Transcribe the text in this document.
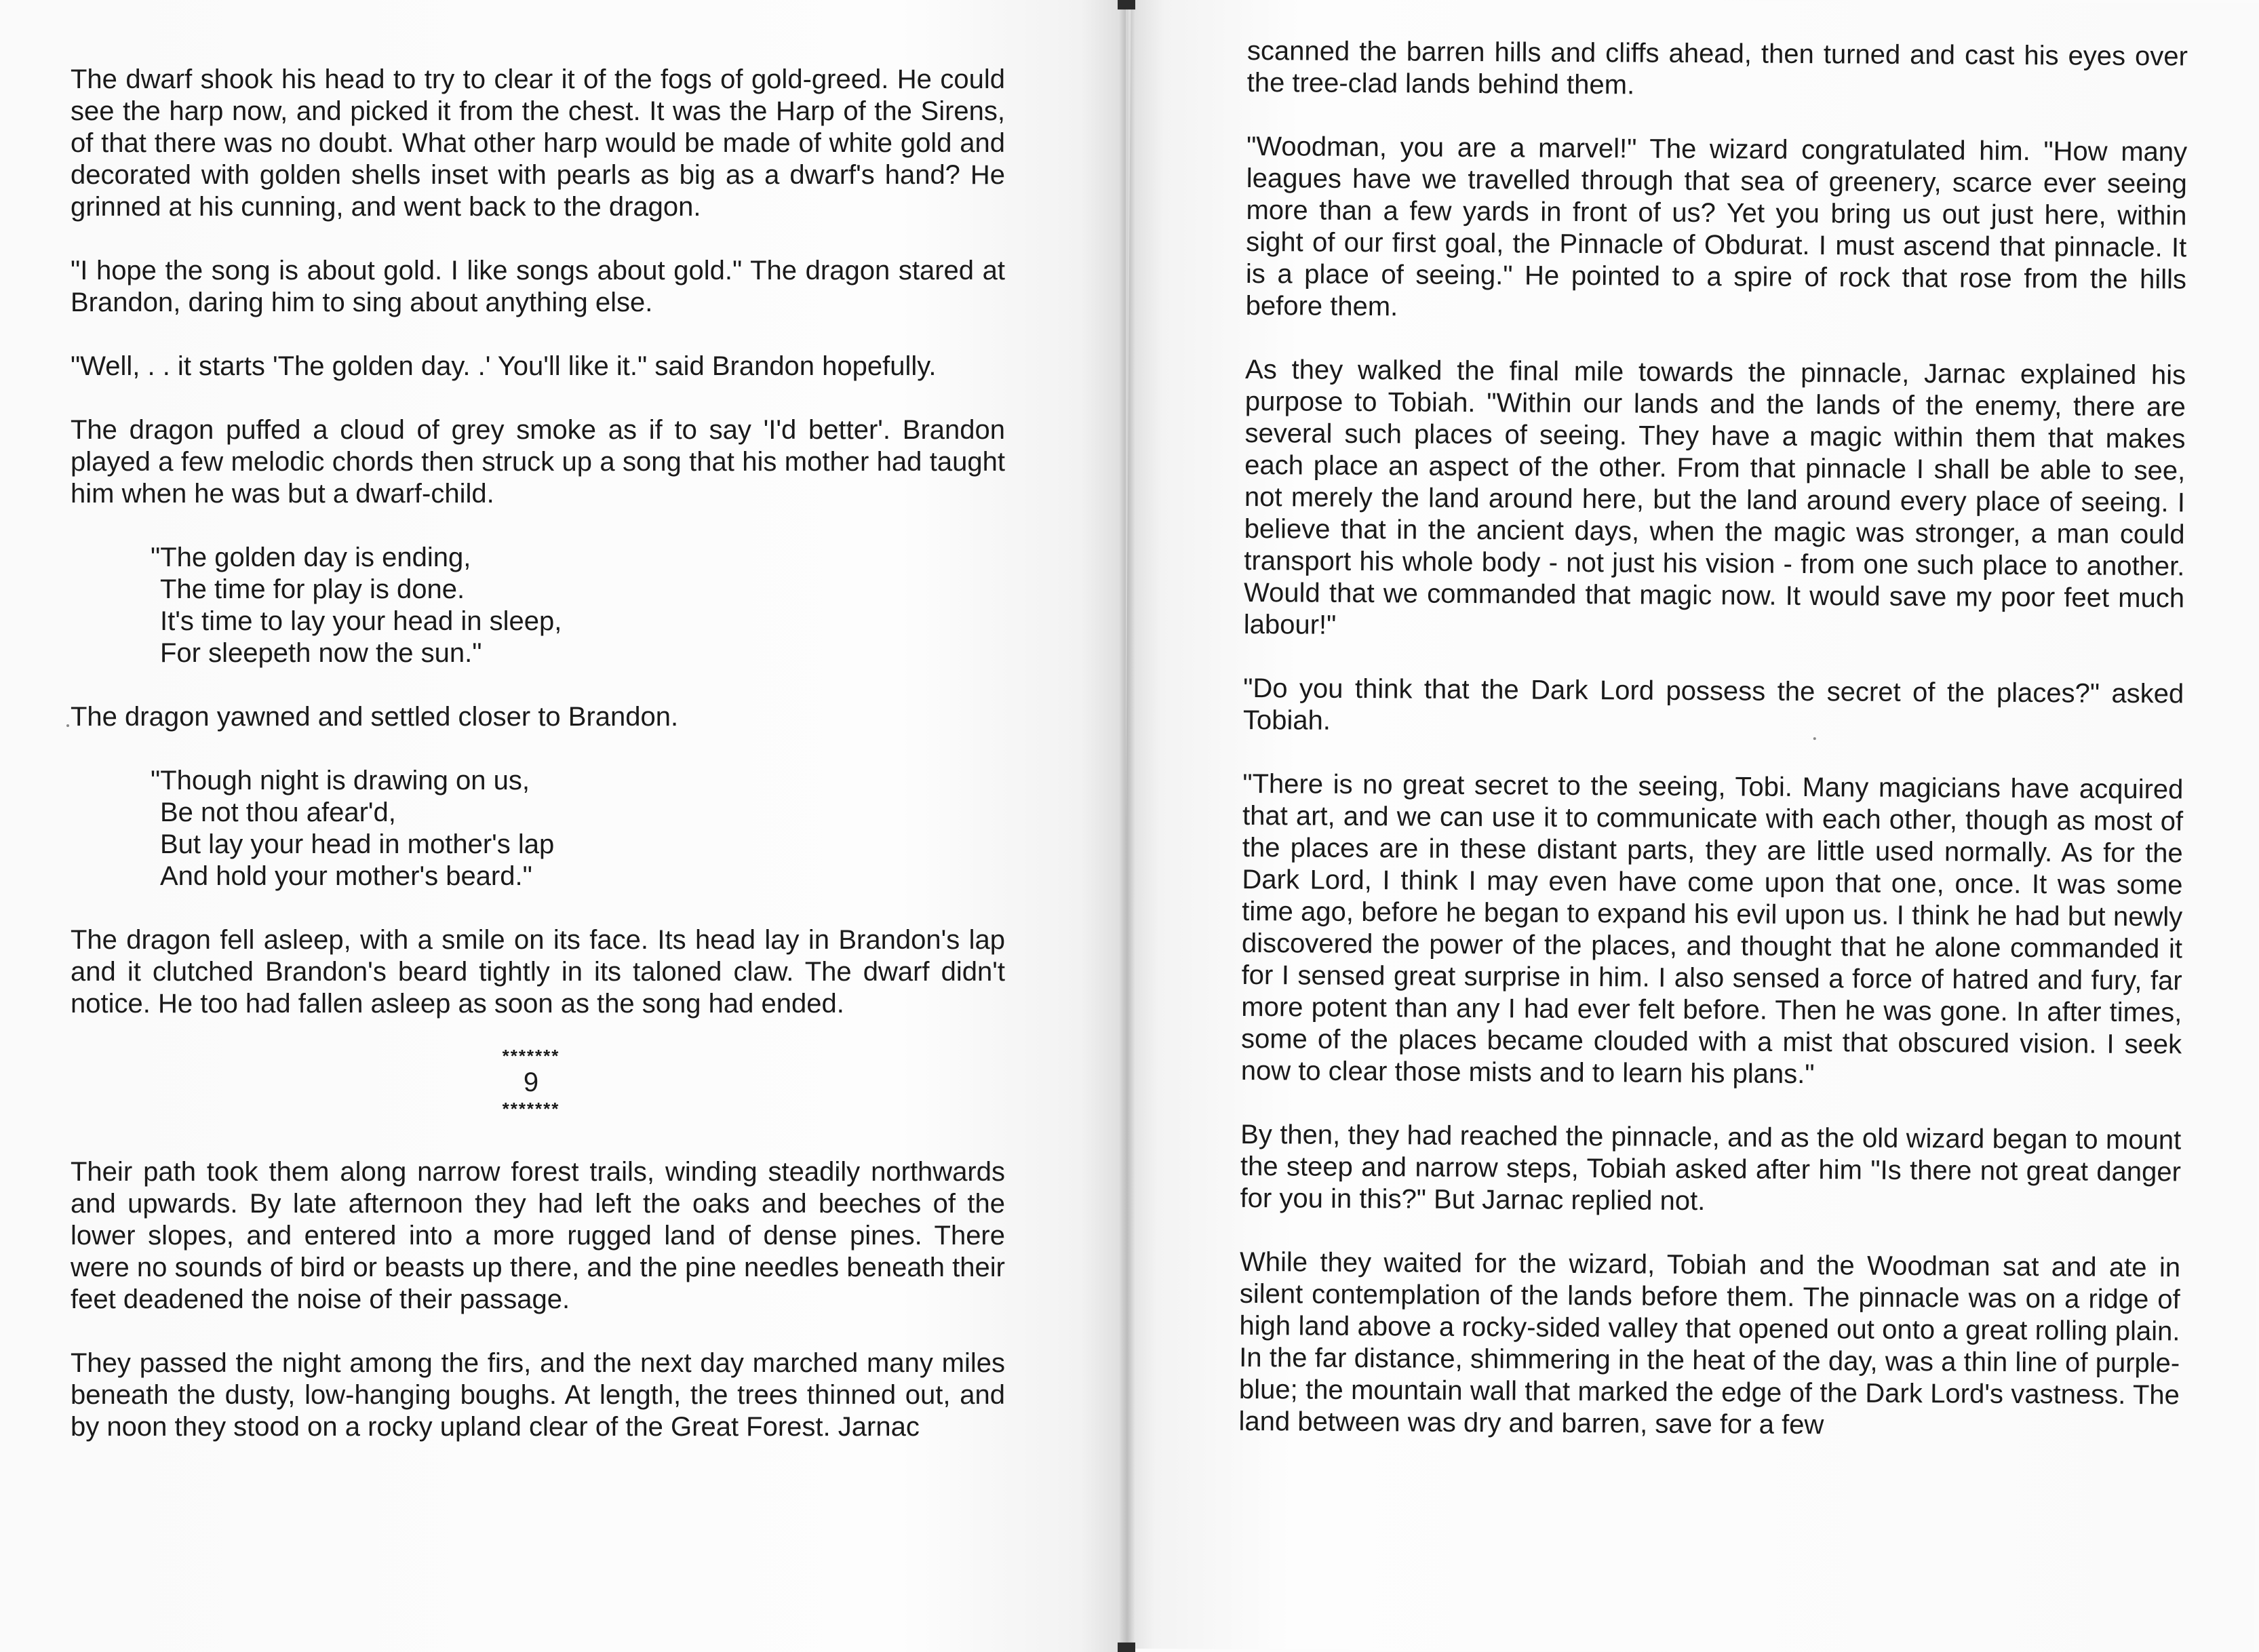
The dwarf shook his head to try to clear it of the fogs of gold-greed. He could see the harp now, and picked it from the chest. It was the Harp of the Sirens, of that there was no doubt. What other harp would be made of white gold and decorated with golden shells inset with pearls as big as a dwarf's hand? He grinned at his cunning, and went back to the dragon.

"I hope the song is about gold. I like songs about gold." The dragon stared at Brandon, daring him to sing about anything else.

"Well, . . it starts 'The golden day. .' You'll like it." said Brandon hopefully.

The dragon puffed a cloud of grey smoke as if to say 'I'd better'. Brandon played a few melodic chords then struck up a song that his mother had taught him when he was but a dwarf-child.

"The golden day is ending,
The time for play is done.
It's time to lay your head in sleep,
For sleepeth now the sun."

The dragon yawned and settled closer to Brandon.

"Though night is drawing on us,
Be not thou afear'd,
But lay your head in mother's lap
And hold your mother's beard."

The dragon fell asleep, with a smile on its face. Its head lay in Brandon's lap and it clutched Brandon's beard tightly in its taloned claw. The dwarf didn't notice. He too had fallen asleep as soon as the song had ended.

*******
9
*******

Their path took them along narrow forest trails, winding steadily northwards and upwards. By late afternoon they had left the oaks and beeches of the lower slopes, and entered into a more rugged land of dense pines. There were no sounds of bird or beasts up there, and the pine needles beneath their feet deadened the noise of their passage.

They passed the night among the firs, and the next day marched many miles beneath the dusty, low-hanging boughs. At length, the trees thinned out, and by noon they stood on a rocky upland clear of the Great Forest. Jarnac

scanned the barren hills and cliffs ahead, then turned and cast his eyes over the tree-clad lands behind them.

"Woodman, you are a marvel!" The wizard congratulated him. "How many leagues have we travelled through that sea of greenery, scarce ever seeing more than a few yards in front of us? Yet you bring us out just here, within sight of our first goal, the Pinnacle of Obdurat. I must ascend that pinnacle. It is a place of seeing." He pointed to a spire of rock that rose from the hills before them.

As they walked the final mile towards the pinnacle, Jarnac explained his purpose to Tobiah. "Within our lands and the lands of the enemy, there are several such places of seeing. They have a magic within them that makes each place an aspect of the other. From that pinnacle I shall be able to see, not merely the land around here, but the land around every place of seeing. I believe that in the ancient days, when the magic was stronger, a man could transport his whole body - not just his vision - from one such place to another. Would that we commanded that magic now. It would save my poor feet much labour!"

"Do you think that the Dark Lord possess the secret of the places?" asked Tobiah.

"There is no great secret to the seeing, Tobi. Many magicians have acquired that art, and we can use it to communicate with each other, though as most of the places are in these distant parts, they are little used normally. As for the Dark Lord, I think I may even have come upon that one, once. It was some time ago, before he began to expand his evil upon us. I think he had but newly discovered the power of the places, and thought that he alone commanded it for I sensed great surprise in him. I also sensed a force of hatred and fury, far more potent than any I had ever felt before. Then he was gone. In after times, some of the places became clouded with a mist that obscured vision. I seek now to clear those mists and to learn his plans."

By then, they had reached the pinnacle, and as the old wizard began to mount the steep and narrow steps, Tobiah asked after him "Is there not great danger for you in this?" But Jarnac replied not.

While they waited for the wizard, Tobiah and the Woodman sat and ate in silent contemplation of the lands before them. The pinnacle was on a ridge of high land above a rocky-sided valley that opened out onto a great rolling plain. In the far distance, shimmering in the heat of the day, was a thin line of purple-blue; the mountain wall that marked the edge of the Dark Lord's vastness. The land between was dry and barren, save for a few
